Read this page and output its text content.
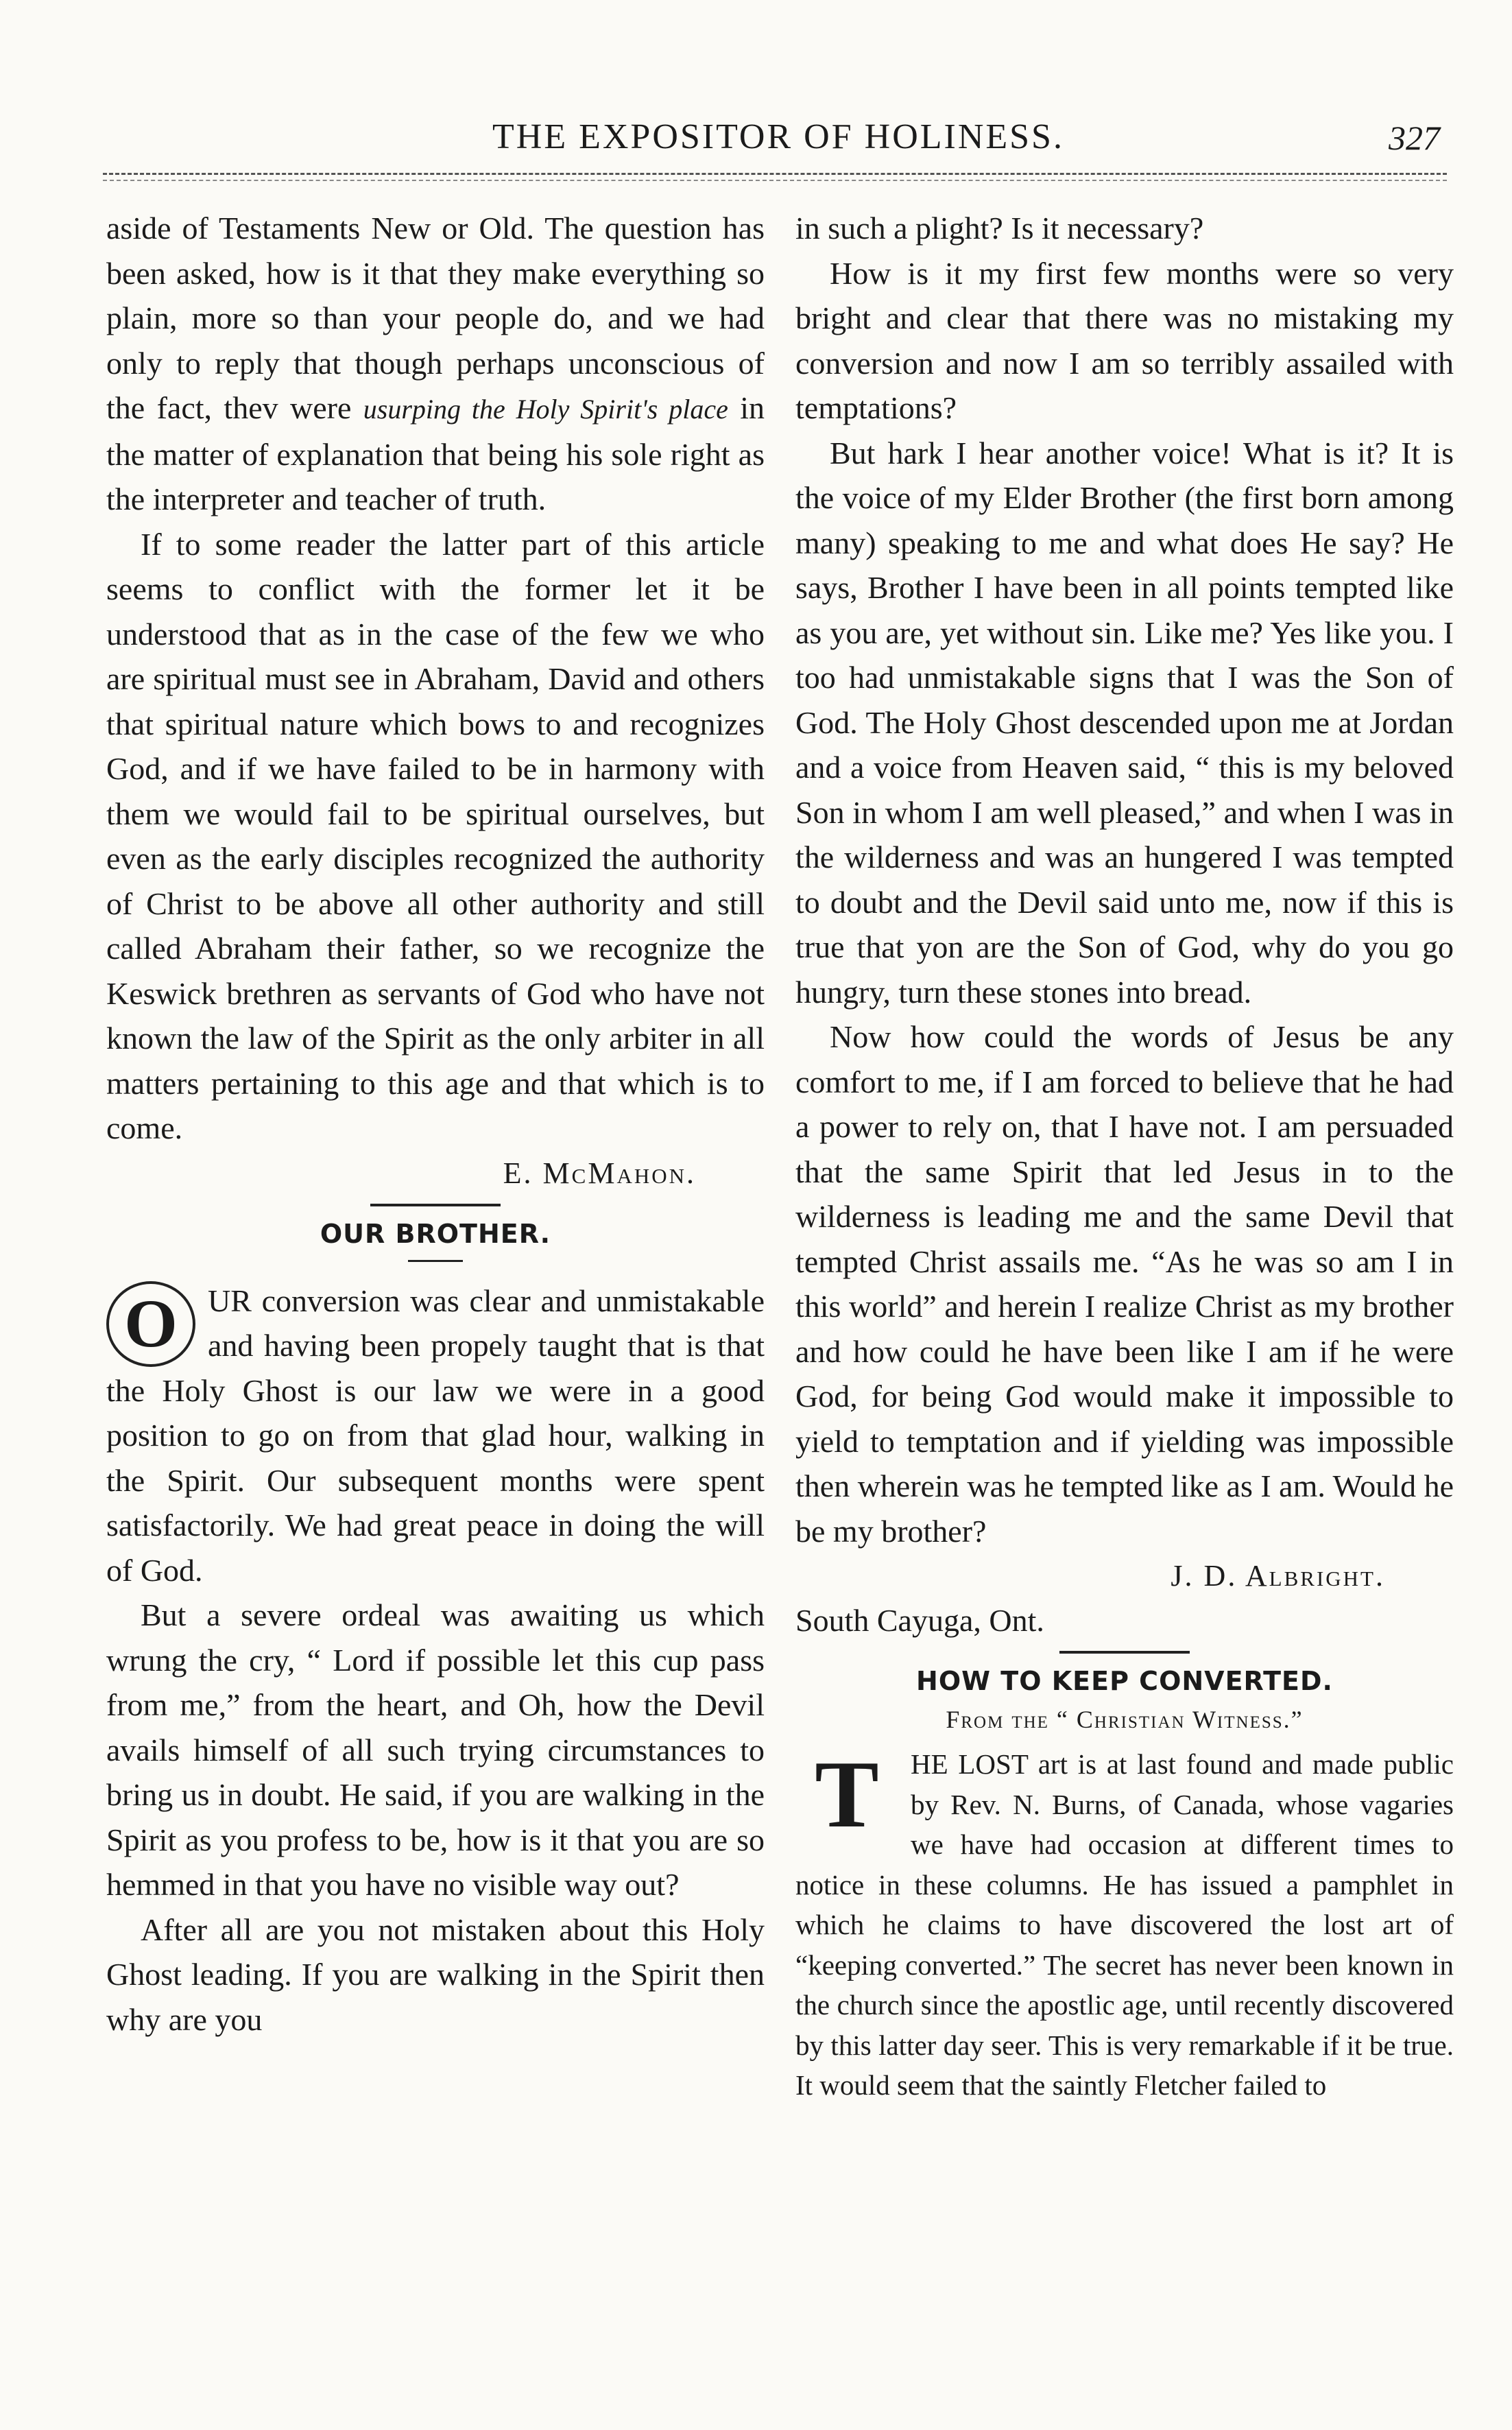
THE EXPOSITOR OF HOLINESS.	327

aside of Testaments New or Old. The question has been asked, how is it that they make everything so plain, more so than your people do, and we had only to reply that though perhaps unconscious of the fact, thev were usurping the Holy Spirit's place in the matter of explanation that being his sole right as the interpreter and teacher of truth.

If to some reader the latter part of this article seems to conflict with the former let it be understood that as in the case of the few we who are spiritual must see in Abraham, David and others that spiritual nature which bows to and recognizes God, and if we have failed to be in harmony with them we would fail to be spiritual ourselves, but even as the early disciples recognized the authority of Christ to be above all other authority and still called Abraham their father, so we recognize the Keswick brethren as servants of God who have not known the law of the Spirit as the only arbiter in all matters pertaining to this age and that which is to come.

E. McMahon.
OUR BROTHER.

O UR conversion was clear and unmistakable and having been propely taught that is that the Holy Ghost is our law we were in a good position to go on from that glad hour, walking in the Spirit. Our subsequent months were spent satisfactorily. We had great peace in doing the will of God.

But a severe ordeal was awaiting us which wrung the cry, “ Lord if possible let this cup pass from me,” from the heart, and Oh, how the Devil avails himself of all such trying circumstances to bring us in doubt. He said, if you are walking in the Spirit as you profess to be, how is it that you are so hemmed in that you have no visible way out?

After all are you not mistaken about this Holy Ghost leading. If you are walking in the Spirit then why are you

in such a plight? Is it necessary?

How is it my first few months were so very bright and clear that there was no mistaking my conversion and now I am so terribly assailed with temptations?

But hark I hear another voice! What is it? It is the voice of my Elder Brother (the first born among many) speaking to me and what does He say? He says, Brother I have been in all points tempted like as you are, yet without sin. Like me? Yes like you. I too had unmistakable signs that I was the Son of God. The Holy Ghost descended upon me at Jordan and a voice from Heaven said, “ this is my beloved Son in whom I am well pleased,” and when I was in the wilderness and was an hungered I was tempted to doubt and the Devil said unto me, now if this is true that yon are the Son of God, why do you go hungry, turn these stones into bread.

Now how could the words of Jesus be any comfort to me, if I am forced to believe that he had a power to rely on, that I have not. I am persuaded that the same Spirit that led Jesus in to the wilderness is leading me and the same Devil that tempted Christ assails me. “As he was so am I in this world” and herein I realize Christ as my brother and how could he have been like I am if he were God, for being God would make it impossible to yield to temptation and if yielding was impossible then wherein was he tempted like as I am. Would he be my brother?

J. D. Albright.
South Cayuga, Ont.
HOW TO KEEP CONVERTED.
From the “ Christian Witness.”

T	HE LOST art is at last found and made public by Rev. N. Burns, of Canada, whose vagaries we have had occasion at different times to notice in these columns. He has issued a pamphlet in which he claims to have discovered the lost art of “keeping converted.” The secret has never been known in the church since the apostlic age, until recently discovered by this latter day seer. This is very remarkable if it be true. It would seem that the saintly Fletcher failed to
